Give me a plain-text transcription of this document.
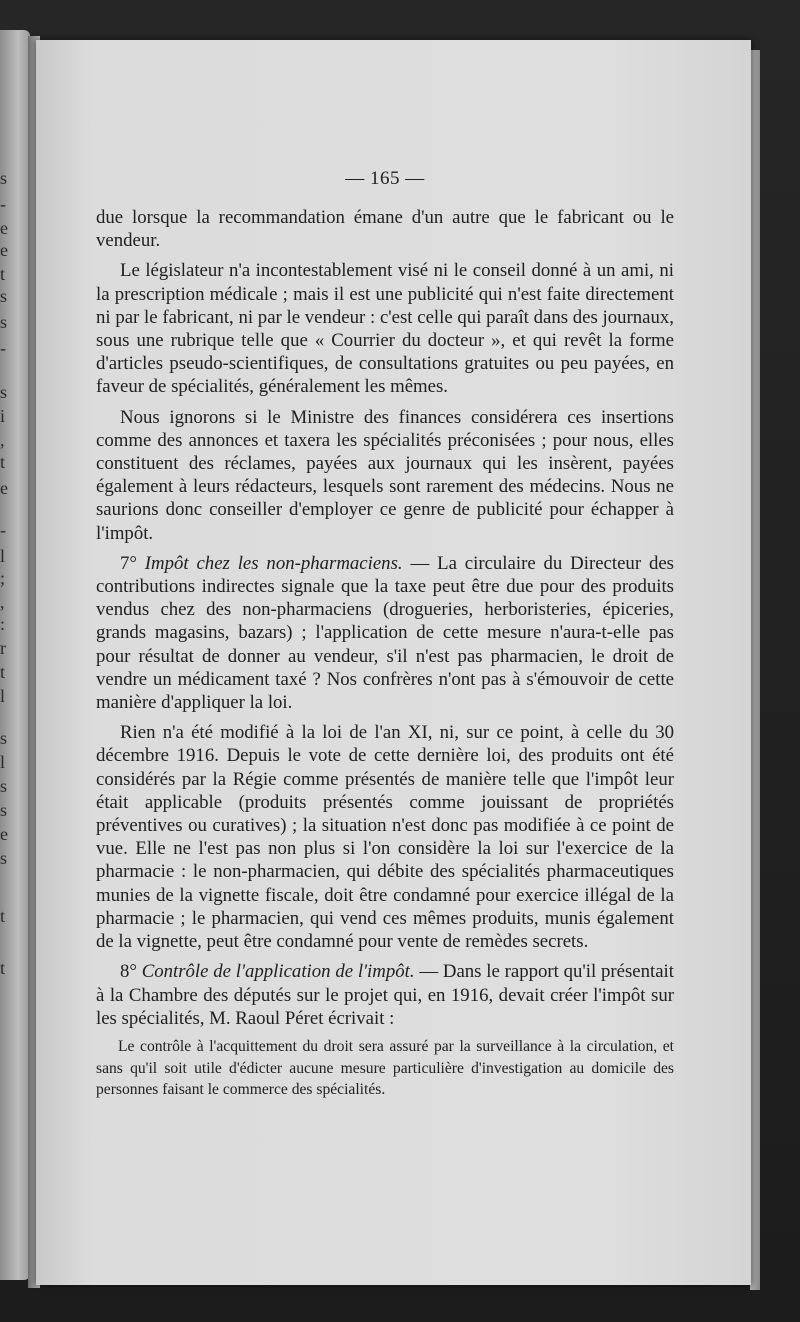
s
-
e
e
t
s
s
-
s
i
,
t
e
-
l
;
,
:
r
t
l
s
l
s
s
e
s
t
t
— 165 —

due lorsque la recommandation émane d'un autre que le fabricant ou le vendeur.

Le législateur n'a incontestablement visé ni le conseil donné à un ami, ni la prescription médicale ; mais il est une publicité qui n'est faite directement ni par le fabricant, ni par le vendeur : c'est celle qui paraît dans des journaux, sous une rubrique telle que « Courrier du docteur », et qui revêt la forme d'articles pseudo-scientifiques, de consultations gratuites ou peu payées, en faveur de spécialités, généralement les mêmes.

Nous ignorons si le Ministre des finances considérera ces insertions comme des annonces et taxera les spécialités préconisées ; pour nous, elles constituent des réclames, payées aux journaux qui les insèrent, payées également à leurs rédacteurs, lesquels sont rarement des médecins. Nous ne saurions donc conseiller d'employer ce genre de publicité pour échapper à l'impôt.

7° Impôt chez les non-pharmaciens. — La circulaire du Directeur des contributions indirectes signale que la taxe peut être due pour des produits vendus chez des non-pharmaciens (drogueries, herboristeries, épiceries, grands magasins, bazars) ; l'application de cette mesure n'aura-t-elle pas pour résultat de donner au vendeur, s'il n'est pas pharmacien, le droit de vendre un médicament taxé ? Nos confrères n'ont pas à s'émouvoir de cette manière d'appliquer la loi.

Rien n'a été modifié à la loi de l'an XI, ni, sur ce point, à celle du 30 décembre 1916. Depuis le vote de cette dernière loi, des produits ont été considérés par la Régie comme présentés de manière telle que l'impôt leur était applicable (produits présentés comme jouissant de propriétés préventives ou curatives) ; la situation n'est donc pas modifiée à ce point de vue. Elle ne l'est pas non plus si l'on considère la loi sur l'exercice de la pharmacie : le non-pharmacien, qui débite des spécialités pharmaceutiques munies de la vignette fiscale, doit être condamné pour exercice illégal de la pharmacie ; le pharmacien, qui vend ces mêmes produits, munis également de la vignette, peut être condamné pour vente de remèdes secrets.

8° Contrôle de l'application de l'impôt. — Dans le rapport qu'il présentait à la Chambre des députés sur le projet qui, en 1916, devait créer l'impôt sur les spécialités, M. Raoul Péret écrivait :

Le contrôle à l'acquittement du droit sera assuré par la surveillance à la circulation, et sans qu'il soit utile d'édicter aucune mesure particulière d'investigation au domicile des personnes faisant le commerce des spécialités.
